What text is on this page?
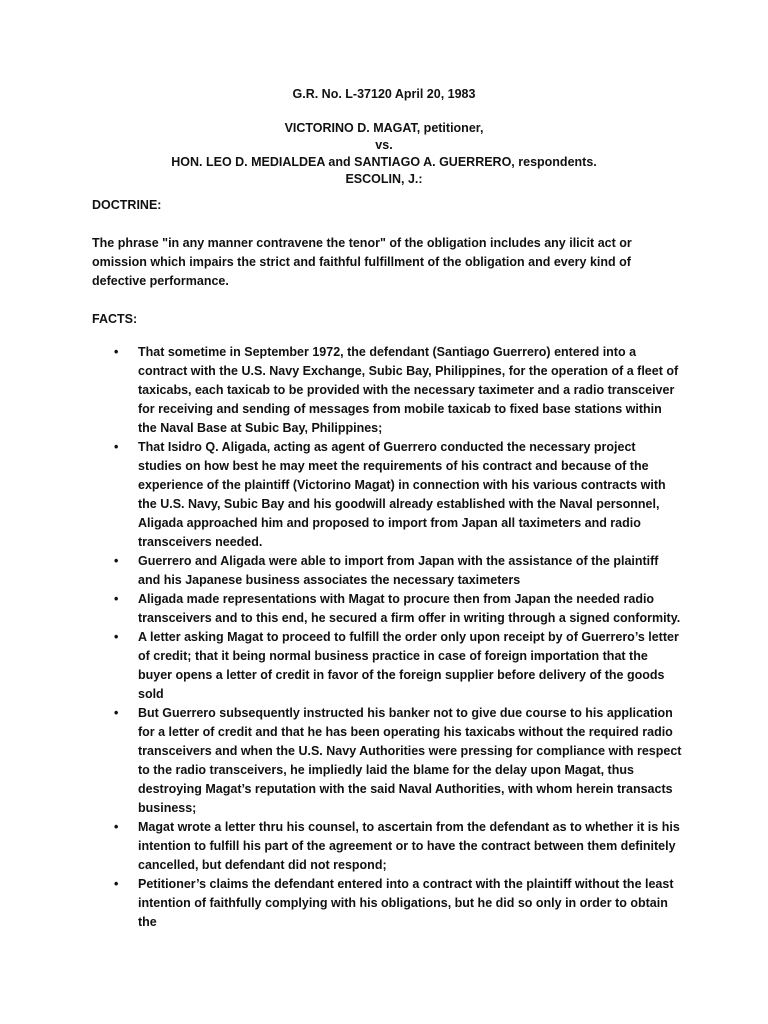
G.R. No. L-37120 April 20, 1983
VICTORINO D. MAGAT, petitioner,
vs.
HON. LEO D. MEDIALDEA and SANTIAGO A. GUERRERO, respondents.
ESCOLIN, J.:
DOCTRINE:
The phrase "in any manner contravene the tenor" of the obligation includes any ilicit act or omission which impairs the strict and faithful fulfillment of the obligation and every kind of defective performance.
FACTS:
• That sometime in September 1972, the defendant (Santiago Guerrero) entered into a contract with the U.S. Navy Exchange, Subic Bay, Philippines, for the operation of a fleet of taxicabs, each taxicab to be provided with the necessary taximeter and a radio transceiver for receiving and sending of messages from mobile taxicab to fixed base stations within the Naval Base at Subic Bay, Philippines;
• That Isidro Q. Aligada, acting as agent of Guerrero conducted the necessary project studies on how best he may meet the requirements of his contract and because of the experience of the plaintiff (Victorino Magat) in connection with his various contracts with the U.S. Navy, Subic Bay and his goodwill already established with the Naval personnel, Aligada approached him and proposed to import from Japan all taximeters and radio transceivers needed.
• Guerrero and Aligada were able to import from Japan with the assistance of the plaintiff and his Japanese business associates the necessary taximeters
• Aligada made representations with Magat to procure then from Japan the needed radio transceivers and to this end, he secured a firm offer in writing through a signed conformity.
• A letter asking Magat to proceed to fulfill the order only upon receipt by of Guerrero’s letter of credit; that it being normal business practice in case of foreign importation that the buyer opens a letter of credit in favor of the foreign supplier before delivery of the goods sold
• But Guerrero subsequently instructed his banker not to give due course to his application for a letter of credit and that he has been operating his taxicabs without the required radio transceivers and when the U.S. Navy Authorities were pressing for compliance with respect to the radio transceivers, he impliedly laid the blame for the delay upon Magat, thus destroying Magat’s reputation with the said Naval Authorities, with whom herein transacts business;
• Magat wrote a letter thru his counsel, to ascertain from the defendant as to whether it is his intention to fulfill his part of the agreement or to have the contract between them definitely cancelled, but defendant did not respond;
• Petitioner’s claims the defendant entered into a contract with the plaintiff without the least intention of faithfully complying with his obligations, but he did so only in order to obtain the
